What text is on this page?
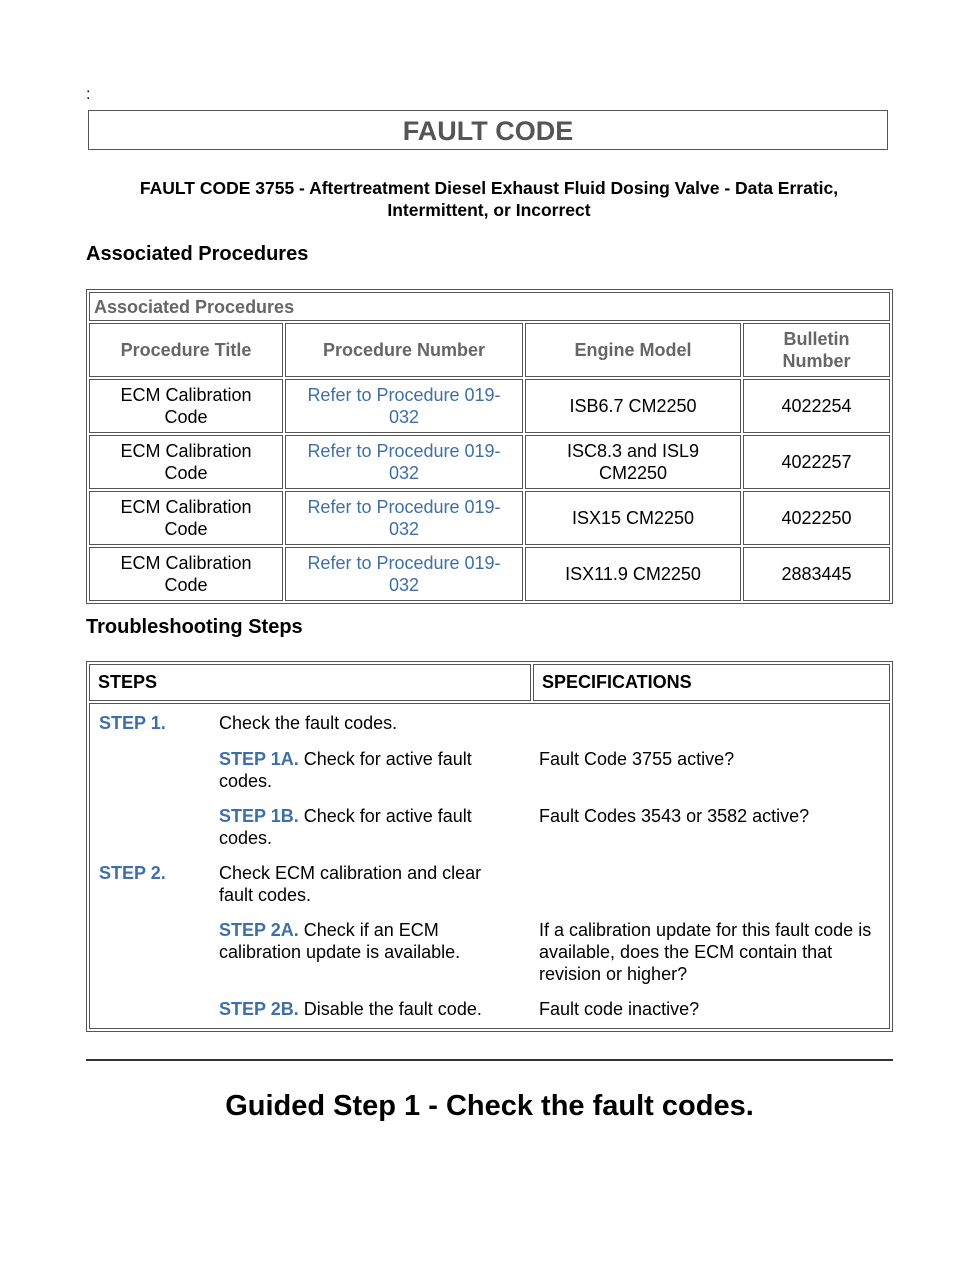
:
FAULT CODE
FAULT CODE 3755 - Aftertreatment Diesel Exhaust Fluid Dosing Valve - Data Erratic,
Intermittent, or Incorrect
Associated Procedures
Associated Procedures			
Procedure Title	Procedure Number	Engine Model	Bulletin Number
ECM Calibration Code	Refer to Procedure 019-032	ISB6.7 CM2250	4022254
ECM Calibration Code	Refer to Procedure 019-032	ISC8.3 and ISL9 CM2250	4022257
ECM Calibration Code	Refer to Procedure 019-032	ISX15 CM2250	4022250
ECM Calibration Code	Refer to Procedure 019-032	ISX11.9 CM2250	2883445
Troubleshooting Steps
STEPS	SPECIFICATIONS

STEP 1.	Check the fault codes.	
	STEP 1A. Check for active fault codes.	Fault Code 3755 active?
	STEP 1B. Check for active fault codes.	Fault Codes 3543 or 3582 active?
STEP 2.	Check ECM calibration and clear fault codes.	
	STEP 2A. Check if an ECM calibration update is available.	If a calibration update for this fault code is available, does the ECM contain that revision or higher?
	STEP 2B. Disable the fault code.	Fault code inactive?
Guided Step 1 - Check the fault codes.
